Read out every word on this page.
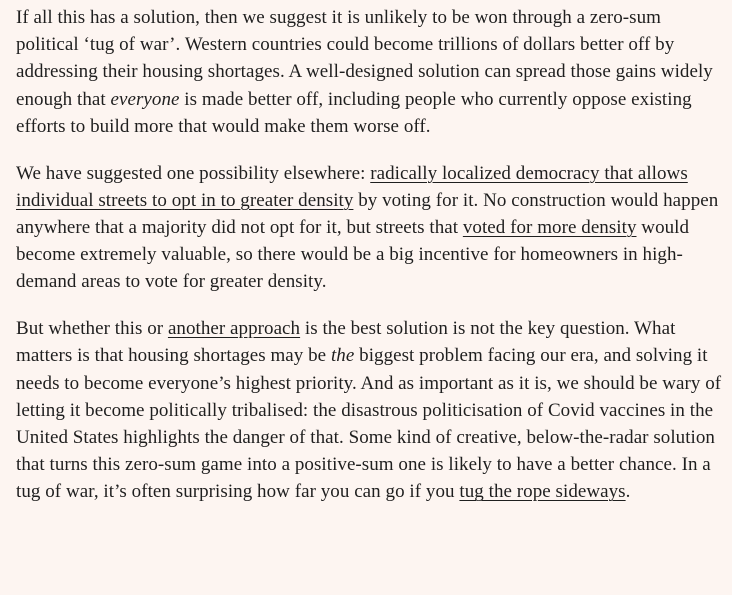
If all this has a solution, then we suggest it is unlikely to be won through a zero-sum political ‘tug of war’. Western countries could become trillions of dollars better off by addressing their housing shortages. A well-designed solution can spread those gains widely enough that everyone is made better off, including people who currently oppose existing efforts to build more that would make them worse off.

We have suggested one possibility elsewhere: radically localized democracy that allows individual streets to opt in to greater density by voting for it. No construction would happen anywhere that a majority did not opt for it, but streets that voted for more density would become extremely valuable, so there would be a big incentive for homeowners in high-demand areas to vote for greater density.

But whether this or another approach is the best solution is not the key question. What matters is that housing shortages may be the biggest problem facing our era, and solving it needs to become everyone’s highest priority. And as important as it is, we should be wary of letting it become politically tribalised: the disastrous politicisation of Covid vaccines in the United States highlights the danger of that. Some kind of creative, below-the-radar solution that turns this zero-sum game into a positive-sum one is likely to have a better chance. In a tug of war, it’s often surprising how far you can go if you tug the rope sideways.
